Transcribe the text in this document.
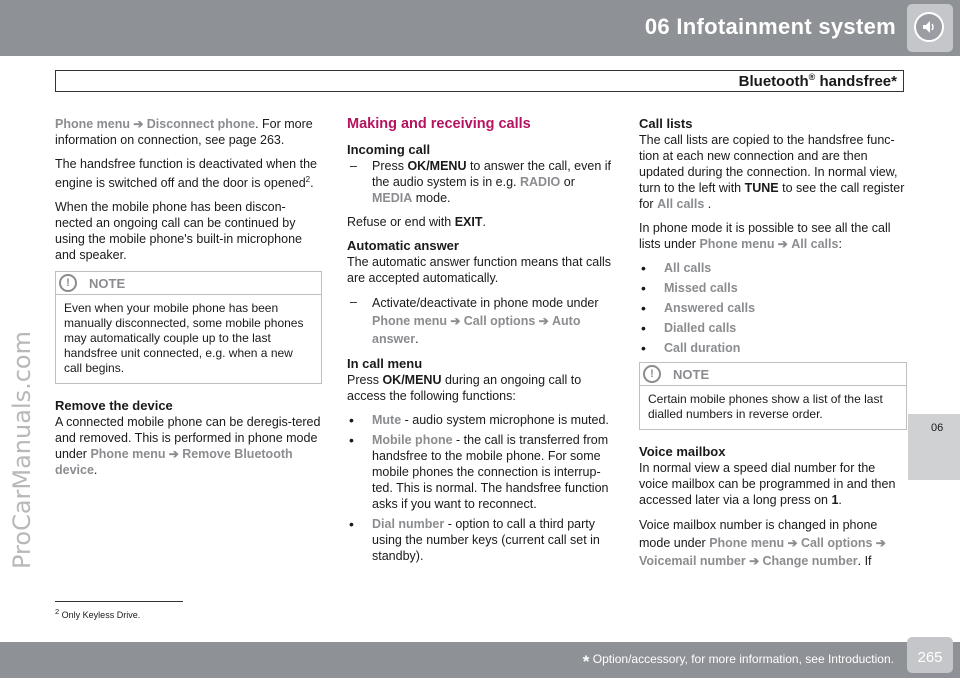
06 Infotainment system
Bluetooth® handsfree*
ProCarManuals.com

Phone menu ➔ Disconnect phone. For more information on connection, see page 263.

The handsfree function is deactivated when the engine is switched off and the door is opened$^2$.

When the mobile phone has been discon-nected an ongoing call can be continued by using the mobile phone's built-in microphone and speaker.

!	NOTE
Even when your mobile phone has been manually disconnected, some mobile phones may automatically couple up to the last handsfree unit connected, e.g. when a new call begins.
Remove the device

A connected mobile phone can be deregis-tered and removed. This is performed in phone mode under Phone menu ➔ Remove Bluetooth device.

Making and receiving calls
Incoming call
–	Press OK/MENU to answer the call, even if the audio system is in e.g. RADIO or MEDIA mode.

Refuse or end with EXIT.

Automatic answer

The automatic answer function means that calls are accepted automatically.

–	Activate/deactivate in phone mode under Phone menu ➔ Call options ➔ Auto answer.
In call menu

Press OK/MENU during an ongoing call to access the following functions:

•	Mute - audio system microphone is muted.
•	Mobile phone - the call is transferred from handsfree to the mobile phone. For some mobile phones the connection is interrup-ted. This is normal. The handsfree function asks if you want to reconnect.
•	Dial number - option to call a third party using the number keys (current call set in standby).
Call lists

The call lists are copied to the handsfree func-tion at each new connection and are then updated during the connection. In normal view, turn to the left with TUNE to see the call register for All calls .

In phone mode it is possible to see all the call lists under Phone menu ➔ All calls:

•	All calls
•	Missed calls
•	Answered calls
•	Dialled calls
•	Call duration
!	NOTE
Certain mobile phones show a list of the last dialled numbers in reverse order.
Voice mailbox

In normal view a speed dial number for the voice mailbox can be programmed in and then accessed later via a long press on 1.

Voice mailbox number is changed in phone mode under Phone menu ➔ Call options ➔ Voicemail number ➔ Change number. If

06
$^2$ Only Keyless Drive.
* Option/accessory, for more information, see Introduction.	265
